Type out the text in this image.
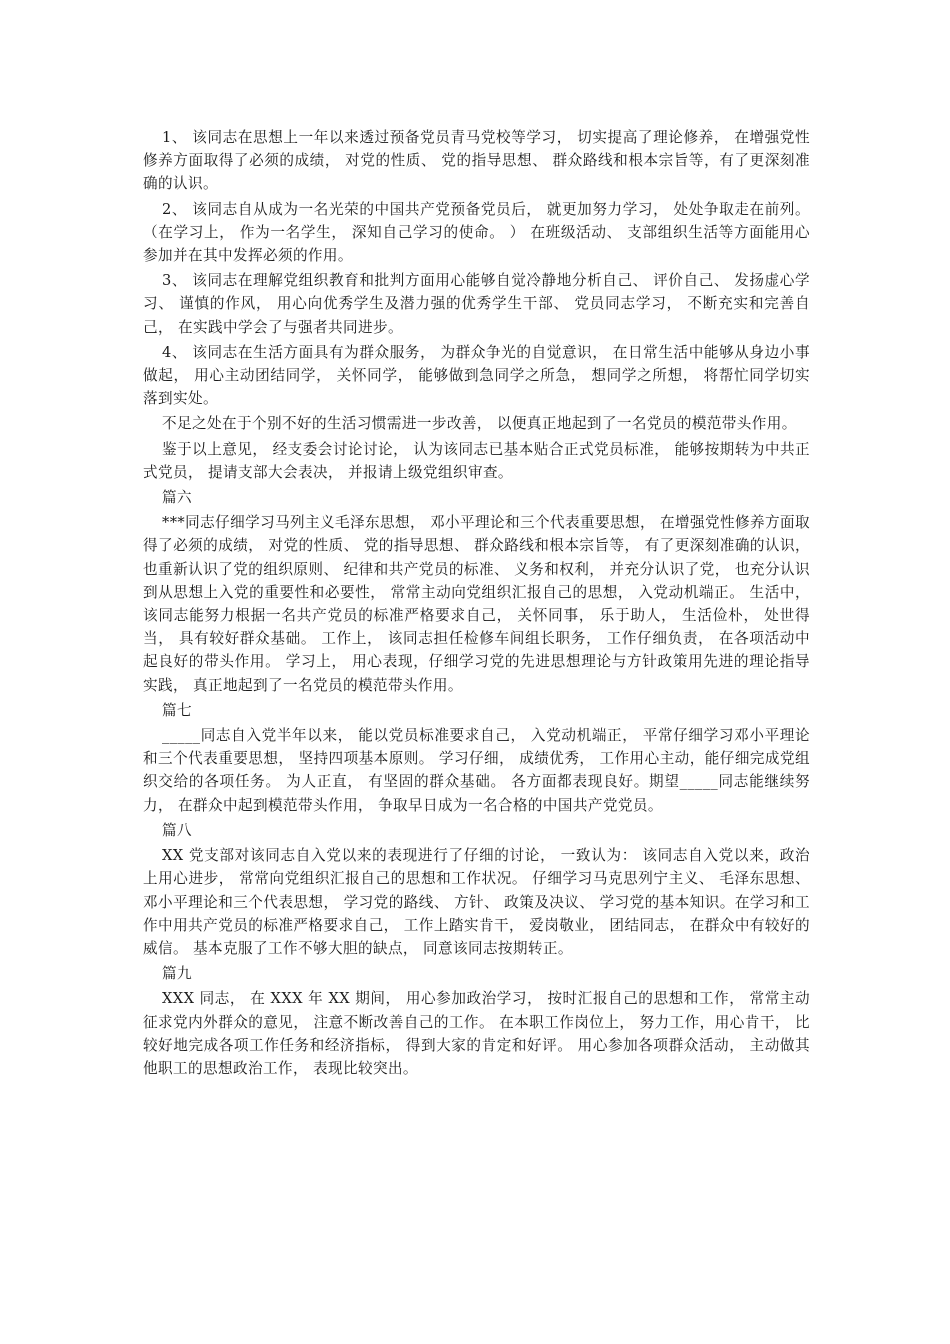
1、 该同志在思想上一年以来透过预备党员青马党校等学习， 切实提高了理论修养， 在增强党性修养方面取得了必须的成绩， 对党的性质、 党的指导思想、 群众路线和根本宗旨等，有了更深刻准确的认识。

2、 该同志自从成为一名光荣的中国共产党预备党员后， 就更加努力学习， 处处争取走在前列。 （在学习上， 作为一名学生， 深知自己学习的使命。 ） 在班级活动、 支部组织生活等方面能用心参加并在其中发挥必须的作用。

3、 该同志在理解党组织教育和批判方面用心能够自觉冷静地分析自己、 评价自己、 发扬虚心学习、 谨慎的作风， 用心向优秀学生及潜力强的优秀学生干部、 党员同志学习， 不断充实和完善自己， 在实践中学会了与强者共同进步。

4、 该同志在生活方面具有为群众服务， 为群众争光的自觉意识， 在日常生活中能够从身边小事做起， 用心主动团结同学， 关怀同学， 能够做到急同学之所急， 想同学之所想， 将帮忙同学切实落到实处。

不足之处在于个别不好的生活习惯需进一步改善， 以便真正地起到了一名党员的模范带头作用。

鉴于以上意见， 经支委会讨论讨论， 认为该同志已基本贴合正式党员标准， 能够按期转为中共正式党员， 提请支部大会表决， 并报请上级党组织审查。

篇六

***同志仔细学习马列主义毛泽东思想， 邓小平理论和三个代表重要思想， 在增强党性修养方面取得了必须的成绩， 对党的性质、 党的指导思想、 群众路线和根本宗旨等， 有了更深刻准确的认识， 也重新认识了党的组织原则、 纪律和共产党员的标准、 义务和权利， 并充分认识了党， 也充分认识到从思想上入党的重要性和必要性， 常常主动向党组织汇报自己的思想， 入党动机端正。 生活中， 该同志能努力根据一名共产党员的标准严格要求自己， 关怀同事， 乐于助人， 生活俭朴， 处世得当， 具有较好群众基础。 工作上， 该同志担任检修车间组长职务， 工作仔细负责， 在各项活动中起良好的带头作用。 学习上， 用心表现，仔细学习党的先进思想理论与方针政策用先进的理论指导实践， 真正地起到了一名党员的模范带头作用。

篇七

_____同志自入党半年以来， 能以党员标准要求自己， 入党动机端正， 平常仔细学习邓小平理论和三个代表重要思想， 坚持四项基本原则。 学习仔细， 成绩优秀， 工作用心主动，能仔细完成党组织交给的各项任务。 为人正直， 有坚固的群众基础。 各方面都表现良好。期望_____同志能继续努力， 在群众中起到模范带头作用， 争取早日成为一名合格的中国共产党党员。

篇八

XX 党支部对该同志自入党以来的表现进行了仔细的讨论， 一致认为： 该同志自入党以来，政治上用心进步， 常常向党组织汇报自己的思想和工作状况。 仔细学习马克思列宁主义、 毛泽东思想、 邓小平理论和三个代表思想， 学习党的路线、 方针、 政策及决议、 学习党的基本知识。在学习和工作中用共产党员的标准严格要求自己， 工作上踏实肯干， 爱岗敬业， 团结同志， 在群众中有较好的威信。 基本克服了工作不够大胆的缺点， 同意该同志按期转正。

篇九

XXX 同志， 在 XXX 年 XX 期间， 用心参加政治学习， 按时汇报自己的思想和工作， 常常主动征求党内外群众的意见， 注意不断改善自己的工作。 在本职工作岗位上， 努力工作，用心肯干， 比较好地完成各项工作任务和经济指标， 得到大家的肯定和好评。 用心参加各项群众活动， 主动做其他职工的思想政治工作， 表现比较突出。
